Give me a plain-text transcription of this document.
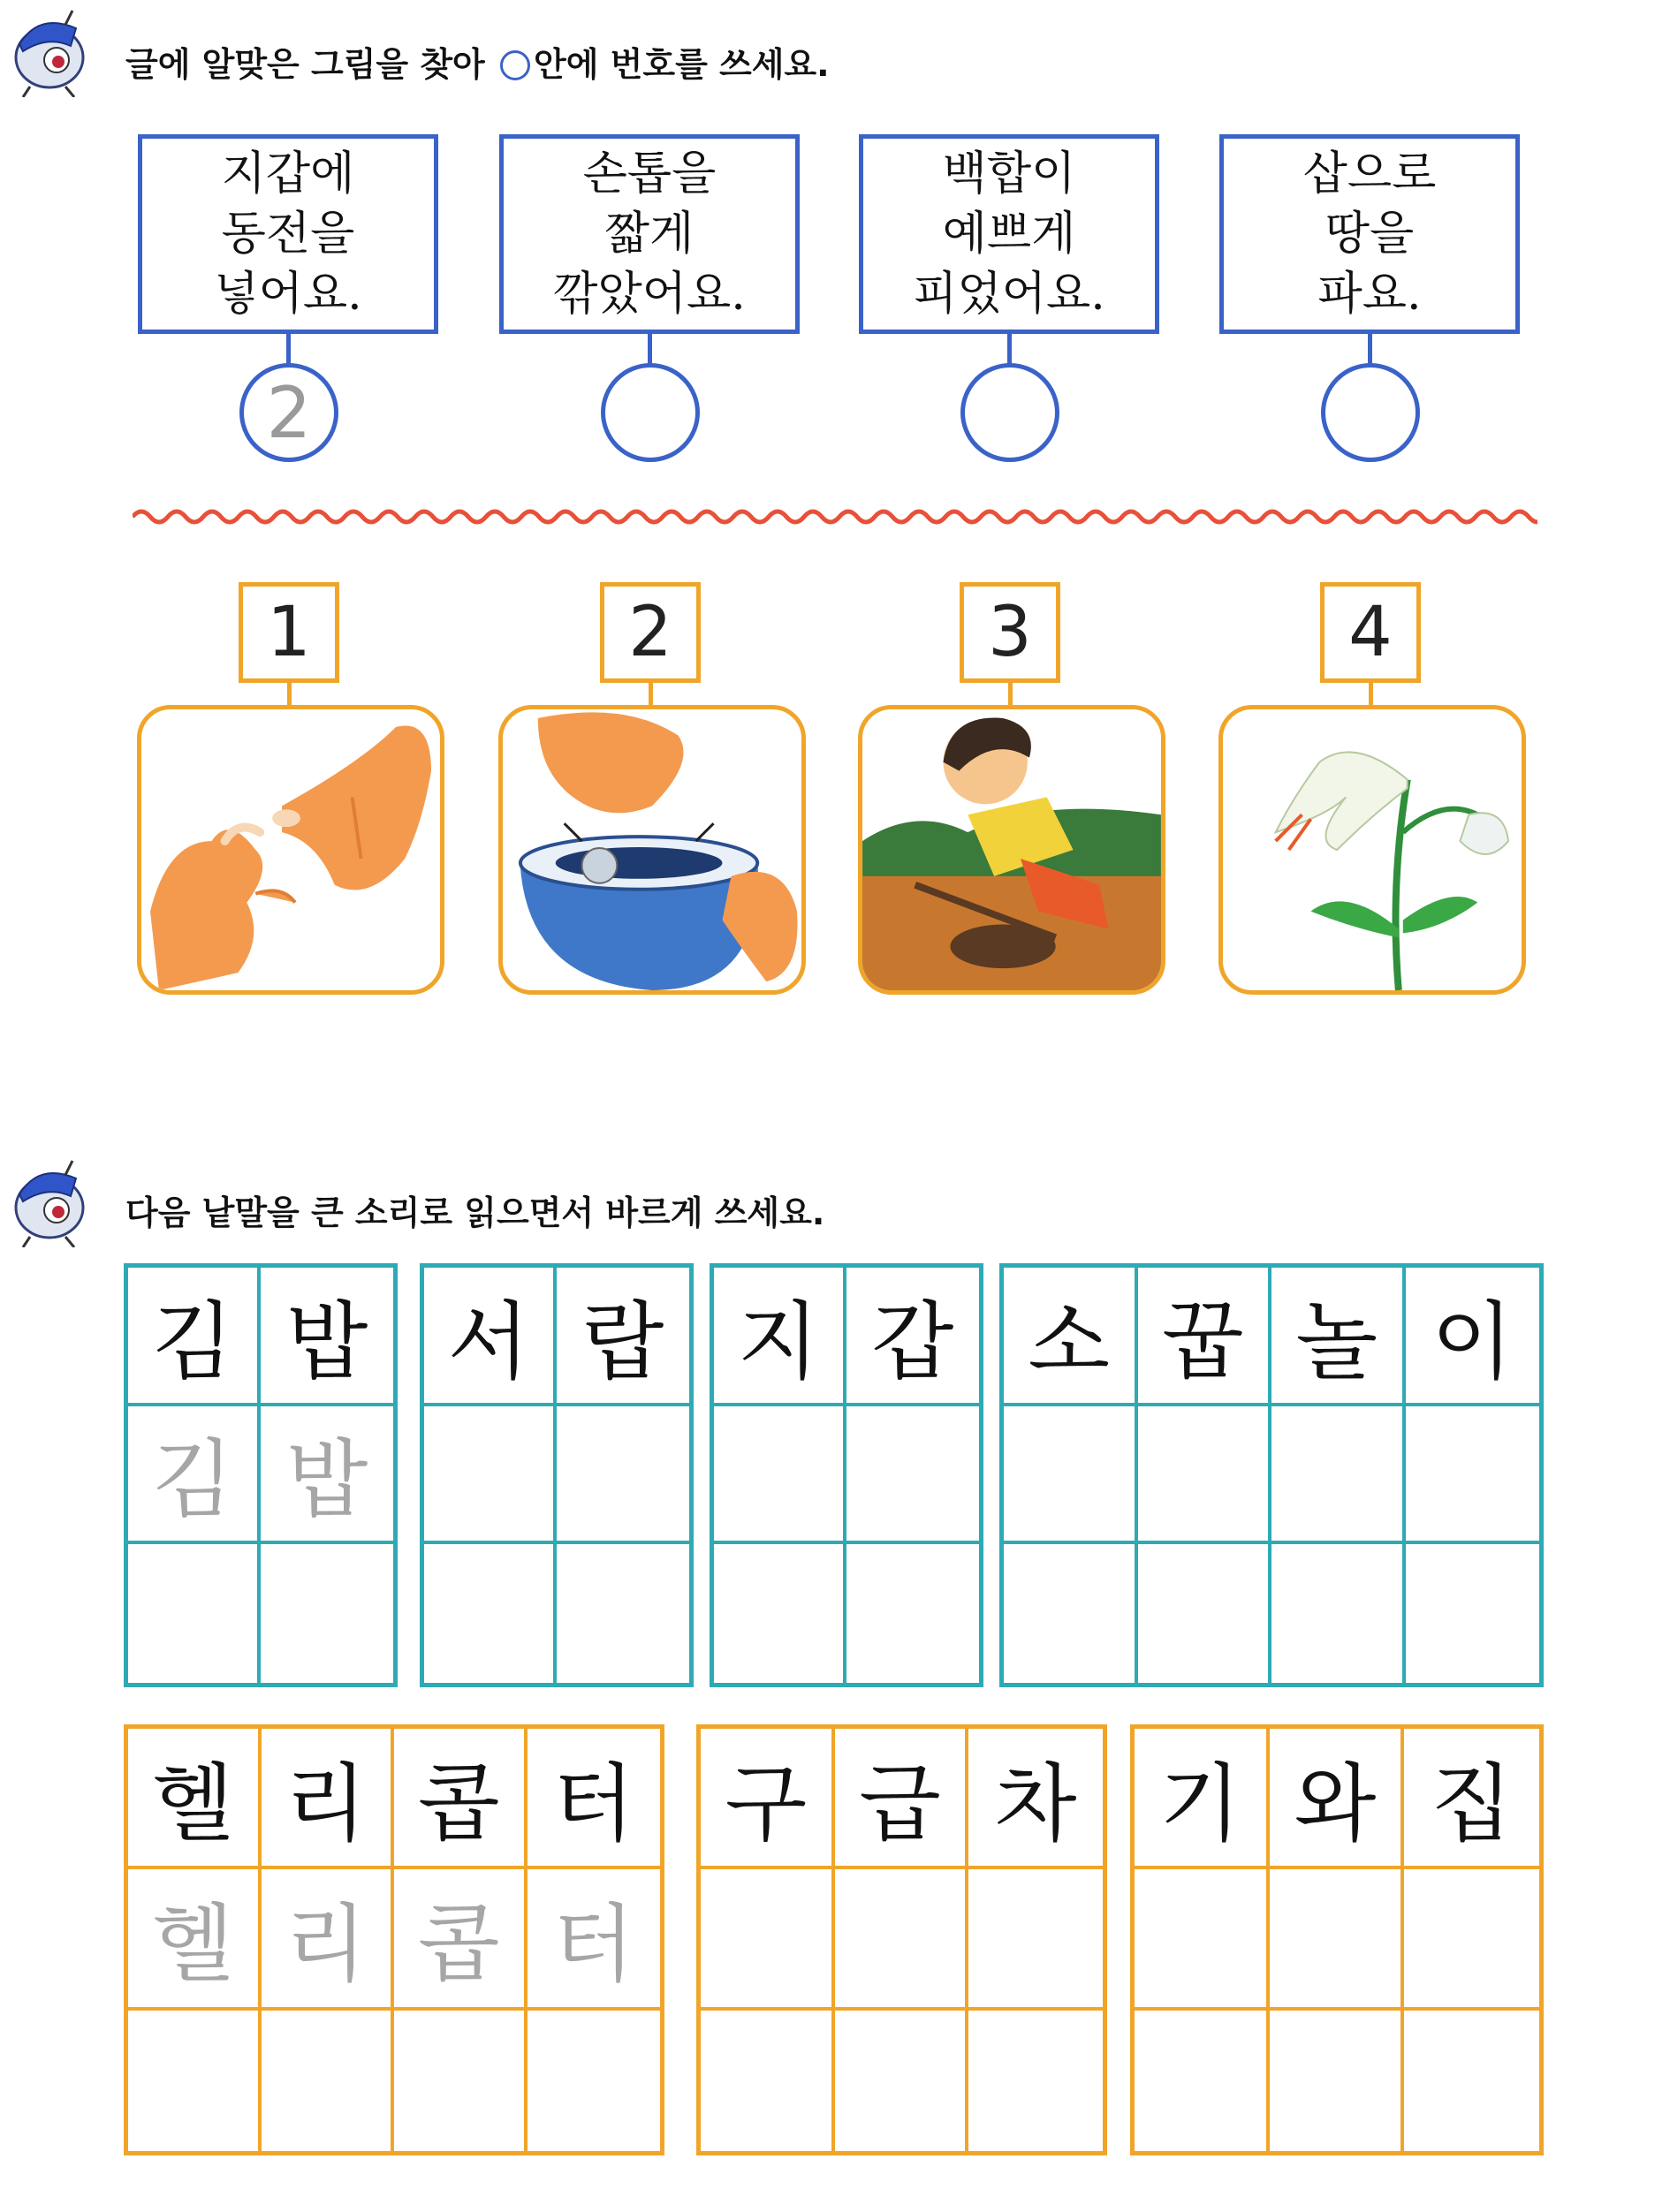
글에 알맞은 그림을 찾아 안에 번호를 쓰세요.
지갑에
동전을
넣어요.
손톱을
짧게
깎았어요.
백합이
예쁘게
피었어요.
삽으로
땅을
파요.
2
1	2	3	4
다음 낱말을 큰 소리로 읽으면서 바르게 쓰세요.
김 밥
김 밥
서 랍 지 갑 소 꿉 놀 이
헬 리 콥 터
헬 리 콥 터
구 급 차 기 와 집
